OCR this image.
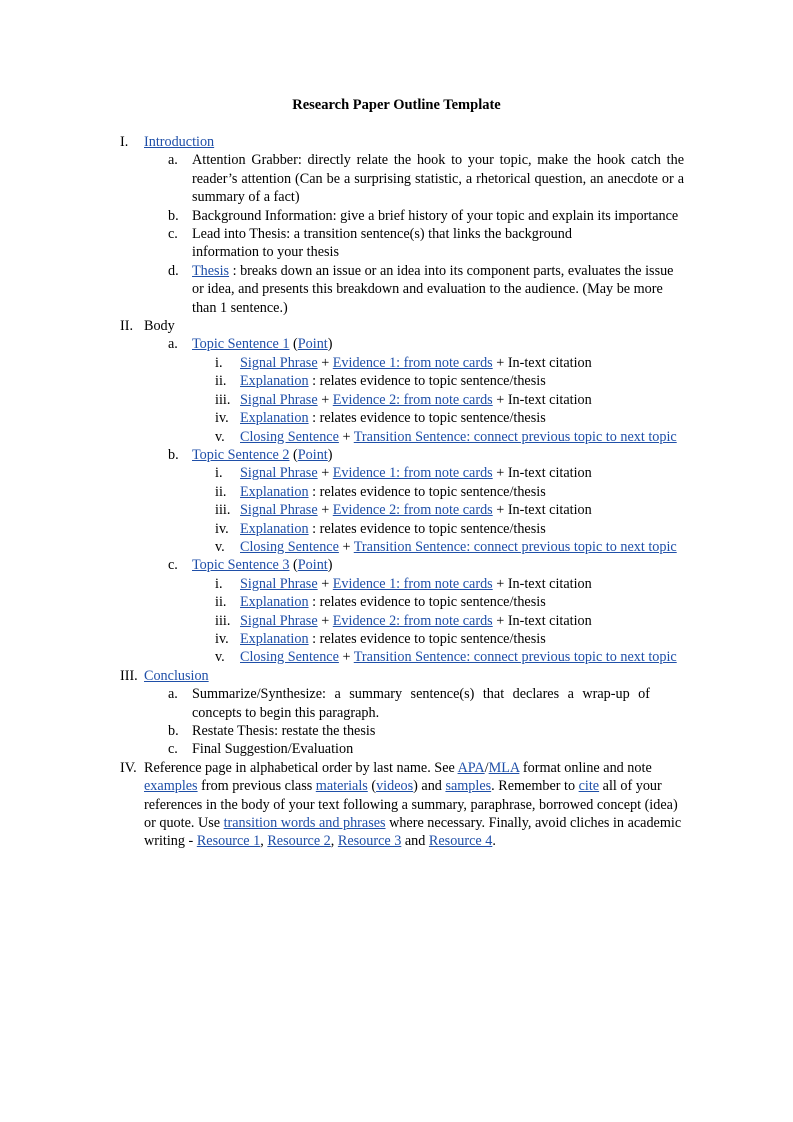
Research Paper Outline Template
I. Introduction
a. Attention Grabber: directly relate the hook to your topic, make the hook catch the reader’s attention (Can be a surprising statistic, a rhetorical question, an anecdote or a summary of a fact)
b. Background Information: give a brief history of your topic and explain its importance
c. Lead into Thesis: a transition sentence(s) that links the background information to your thesis
d. Thesis : breaks down an issue or an idea into its component parts, evaluates the issue or idea, and presents this breakdown and evaluation to the audience. (May be more than 1 sentence.)
II. Body
a. Topic Sentence 1 (Point)
i. Signal Phrase + Evidence 1: from note cards + In-text citation
ii. Explanation : relates evidence to topic sentence/thesis
iii. Signal Phrase + Evidence 2: from note cards + In-text citation
iv. Explanation : relates evidence to topic sentence/thesis
v. Closing Sentence + Transition Sentence: connect previous topic to next topic
b. Topic Sentence 2 (Point)
i. Signal Phrase + Evidence 1: from note cards + In-text citation
ii. Explanation : relates evidence to topic sentence/thesis
iii. Signal Phrase + Evidence 2: from note cards + In-text citation
iv. Explanation : relates evidence to topic sentence/thesis
v. Closing Sentence + Transition Sentence: connect previous topic to next topic
c. Topic Sentence 3 (Point)
i. Signal Phrase + Evidence 1: from note cards + In-text citation
ii. Explanation : relates evidence to topic sentence/thesis
iii. Signal Phrase + Evidence 2: from note cards + In-text citation
iv. Explanation : relates evidence to topic sentence/thesis
v. Closing Sentence + Transition Sentence: connect previous topic to next topic
III. Conclusion
a. Summarize/Synthesize: a summary sentence(s) that declares a wrap-up of concepts to begin this paragraph.
b. Restate Thesis: restate the thesis
c. Final Suggestion/Evaluation
IV. Reference page in alphabetical order by last name. See APA/MLA format online and note examples from previous class materials (videos) and samples. Remember to cite all of your references in the body of your text following a summary, paraphrase, borrowed concept (idea) or quote. Use transition words and phrases where necessary. Finally, avoid cliches in academic writing - Resource 1, Resource 2, Resource 3 and Resource 4.
